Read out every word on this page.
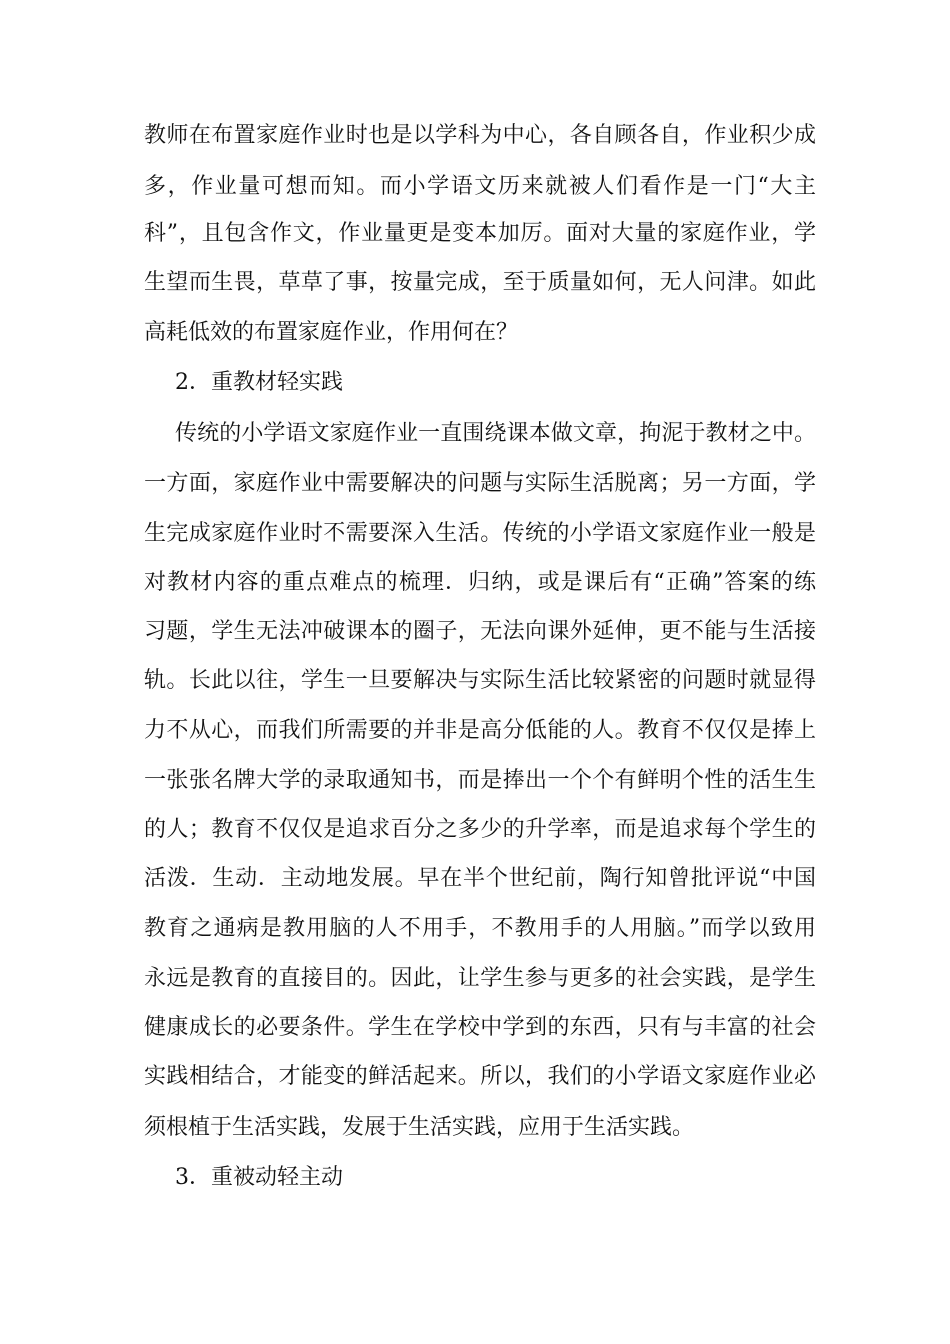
教师在布置家庭作业时也是以学科为中心，各自顾各自，作业积少成
多，作业量可想而知。而小学语文历来就被人们看作是一门“大主
科”，且包含作文，作业量更是变本加厉。面对大量的家庭作业，学
生望而生畏，草草了事，按量完成，至于质量如何，无人问津。如此
高耗低效的布置家庭作业，作用何在？
2．重教材轻实践
传统的小学语文家庭作业一直围绕课本做文章，拘泥于教材之中。
一方面，家庭作业中需要解决的问题与实际生活脱离；另一方面，学
生完成家庭作业时不需要深入生活。传统的小学语文家庭作业一般是
对教材内容的重点难点的梳理．归纳，或是课后有“正确”答案的练
习题，学生无法冲破课本的圈子，无法向课外延伸，更不能与生活接
轨。长此以往，学生一旦要解决与实际生活比较紧密的问题时就显得
力不从心，而我们所需要的并非是高分低能的人。教育不仅仅是捧上
一张张名牌大学的录取通知书，而是捧出一个个有鲜明个性的活生生
的人；教育不仅仅是追求百分之多少的升学率，而是追求每个学生的
活泼．生动．主动地发展。早在半个世纪前，陶行知曾批评说“中国
教育之通病是教用脑的人不用手，不教用手的人用脑。”而学以致用
永远是教育的直接目的。因此，让学生参与更多的社会实践，是学生
健康成长的必要条件。学生在学校中学到的东西，只有与丰富的社会
实践相结合，才能变的鲜活起来。所以，我们的小学语文家庭作业必
须根植于生活实践，发展于生活实践，应用于生活实践。
3．重被动轻主动
